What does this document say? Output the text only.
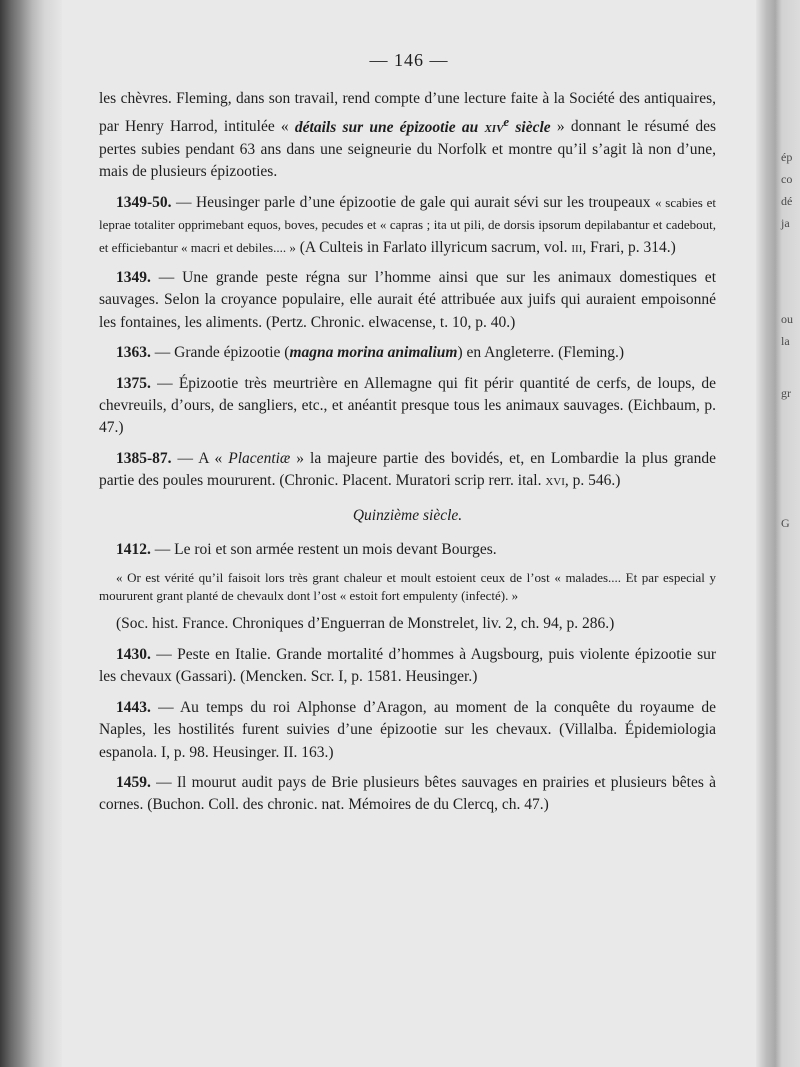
ép
co
dé
ja
ou
la
gr
G
— 146 —

les chèvres. Fleming, dans son travail, rend compte d’une lecture faite à la Société des antiquaires, par Henry Harrod, intitulée « détails sur une épizootie au xiv$^e$ siècle » donnant le résumé des pertes subies pendant 63 ans dans une seigneurie du Norfolk et montre qu’il s’agit là non d’une, mais de plusieurs épizooties.

1349-50. — Heusinger parle d’une épizootie de gale qui aurait sévi sur les troupeaux « scabies et leprae totaliter opprimebant equos, boves, pecudes et « capras ; ita ut pili, de dorsis ipsorum depilabantur et cadebout, et efficiebantur « macri et debiles.... » (A Culteis in Farlato illyricum sacrum, vol. iii, Frari, p. 314.)

1349. — Une grande peste régna sur l’homme ainsi que sur les animaux domestiques et sauvages. Selon la croyance populaire, elle aurait été attribuée aux juifs qui auraient empoisonné les fontaines, les aliments. (Pertz. Chronic. elwacense, t. 10, p. 40.)

1363. — Grande épizootie (magna morina animalium) en Angleterre. (Fleming.)

1375. — Épizootie très meurtrière en Allemagne qui fit périr quantité de cerfs, de loups, de chevreuils, d’ours, de sangliers, etc., et anéantit presque tous les animaux sauvages. (Eichbaum, p. 47.)

1385-87. — A « Placentiæ » la majeure partie des bovidés, et, en Lombardie la plus grande partie des poules moururent. (Chronic. Placent. Muratori scrip rerr. ital. xvi, p. 546.)

Quinzième siècle.

1412. — Le roi et son armée restent un mois devant Bourges.

« Or est vérité qu’il faisoit lors très grant chaleur et moult estoient ceux de l’ost « malades.... Et par especial y moururent grant planté de chevaulx dont l’ost « estoit fort empulenty (infecté). »

(Soc. hist. France. Chroniques d’Enguerran de Monstrelet, liv. 2, ch. 94, p. 286.)

1430. — Peste en Italie. Grande mortalité d’hommes à Augsbourg, puis violente épizootie sur les chevaux (Gassari). (Mencken. Scr. I, p. 1581. Heusinger.)

1443. — Au temps du roi Alphonse d’Aragon, au moment de la conquête du royaume de Naples, les hostilités furent suivies d’une épizootie sur les chevaux. (Villalba. Épidemiologia espanola. I, p. 98. Heusinger. II. 163.)

1459. — Il mourut audit pays de Brie plusieurs bêtes sauvages en prairies et plusieurs bêtes à cornes. (Buchon. Coll. des chronic. nat. Mémoires de du Clercq, ch. 47.)
